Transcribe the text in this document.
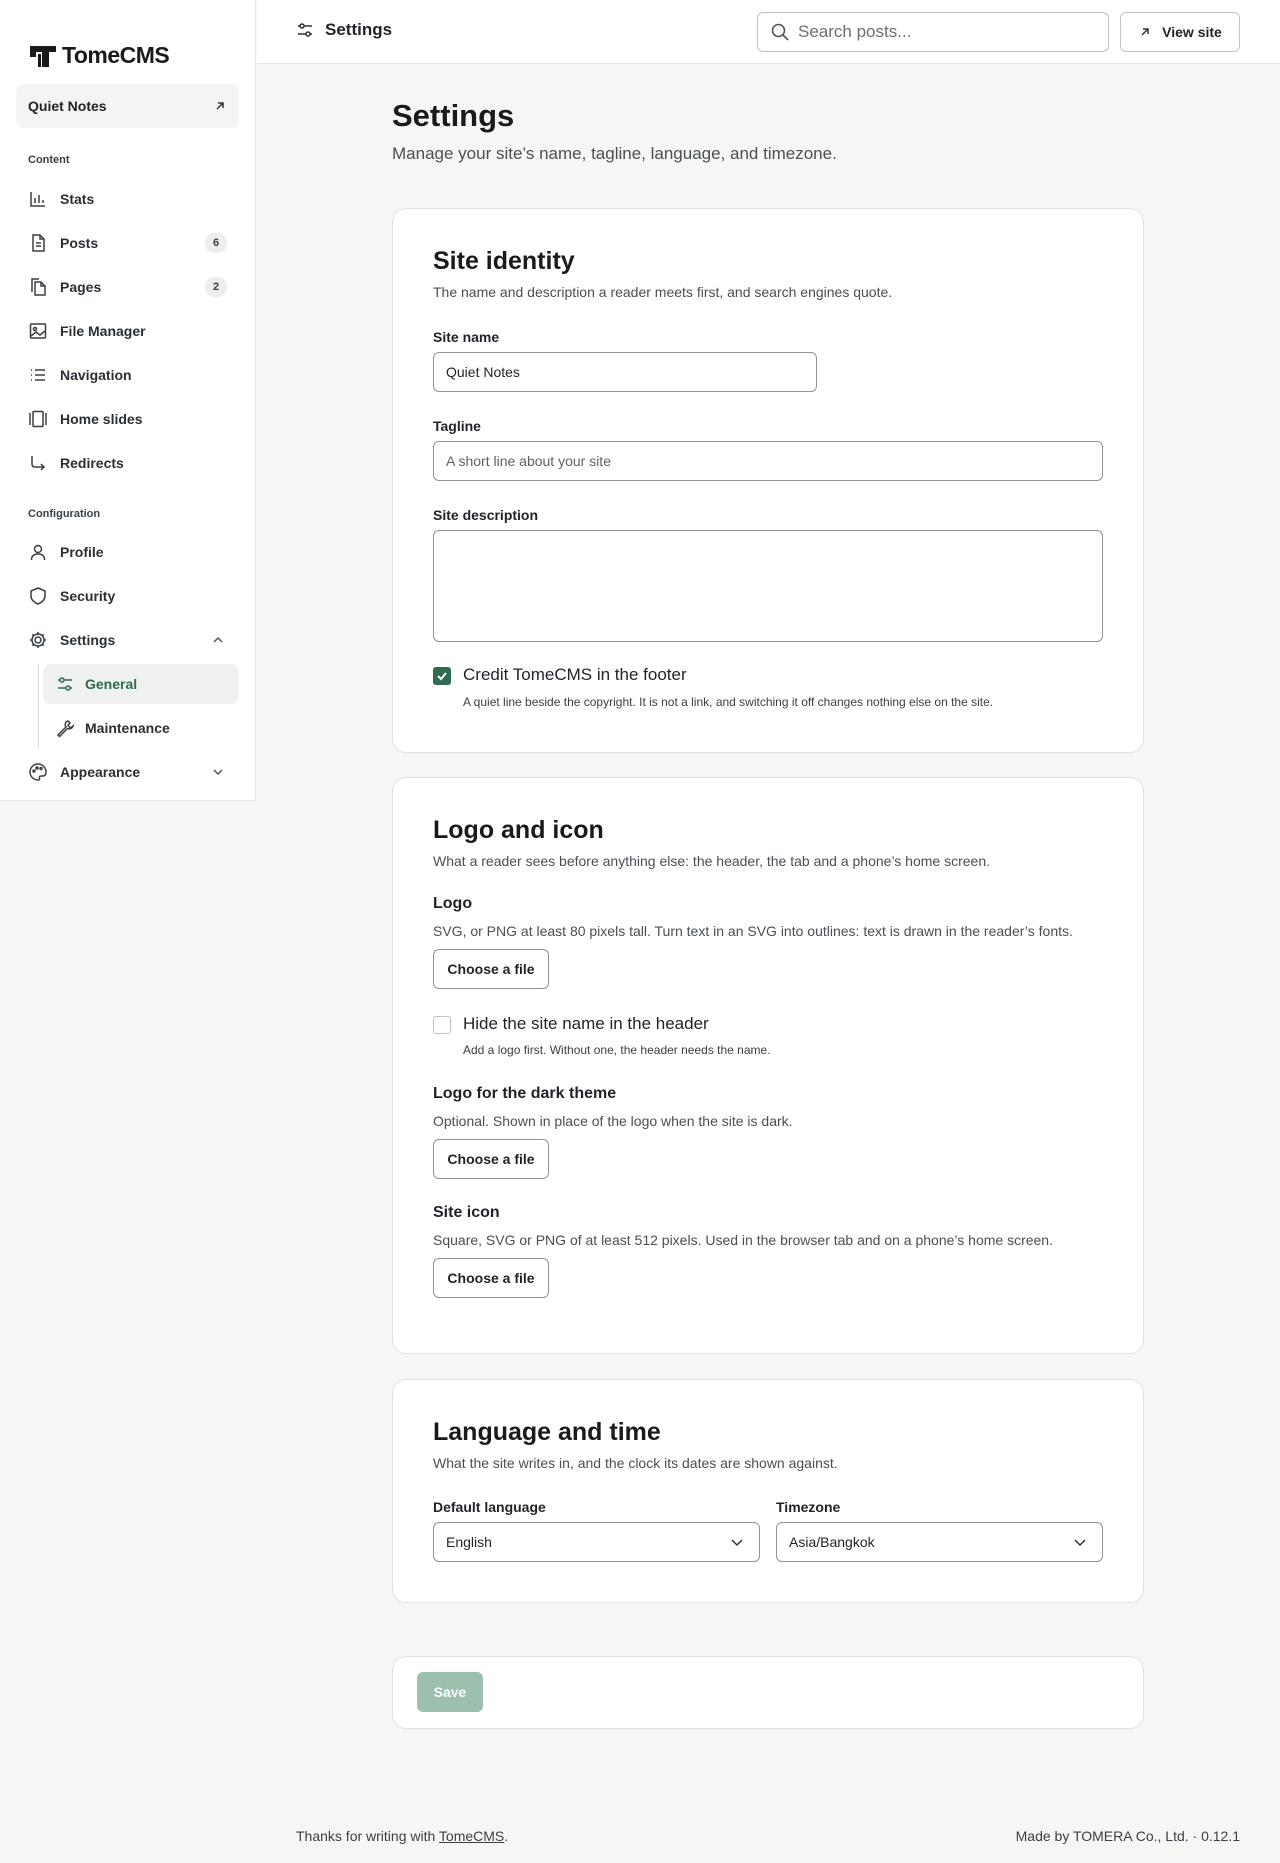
TomeCMS
Quiet Notes
Content
Stats
Posts	6
Pages	2
File Manager
Navigation
Home slides
Redirects
Configuration
Profile
Security
Settings
General
Maintenance
Appearance
Settings
Search posts...	View site
Settings

Manage your site’s name, tagline, language, and timezone.

Site identity

The name and description a reader meets first, and search engines quote.

Site name
Quiet Notes
Tagline
A short line about your site
Site description
Credit TomeCMS in the footer

A quiet line beside the copyright. It is not a link, and switching it off changes nothing else on the site.

Logo and icon

What a reader sees before anything else: the header, the tab and a phone’s home screen.

Logo

SVG, or PNG at least 80 pixels tall. Turn text in an SVG into outlines: text is drawn in the reader’s fonts.

Choose a file
Hide the site name in the header

Add a logo first. Without one, the header needs the name.

Logo for the dark theme

Optional. Shown in place of the logo when the site is dark.

Choose a file
Site icon

Square, SVG or PNG of at least 512 pixels. Used in the browser tab and on a phone’s home screen.

Choose a file
Language and time

What the site writes in, and the clock its dates are shown against.

Default language
English
Timezone
Asia/Bangkok
Save

Thanks for writing with TomeCMS.	Made by TOMERA Co., Ltd. · 0.12.1
